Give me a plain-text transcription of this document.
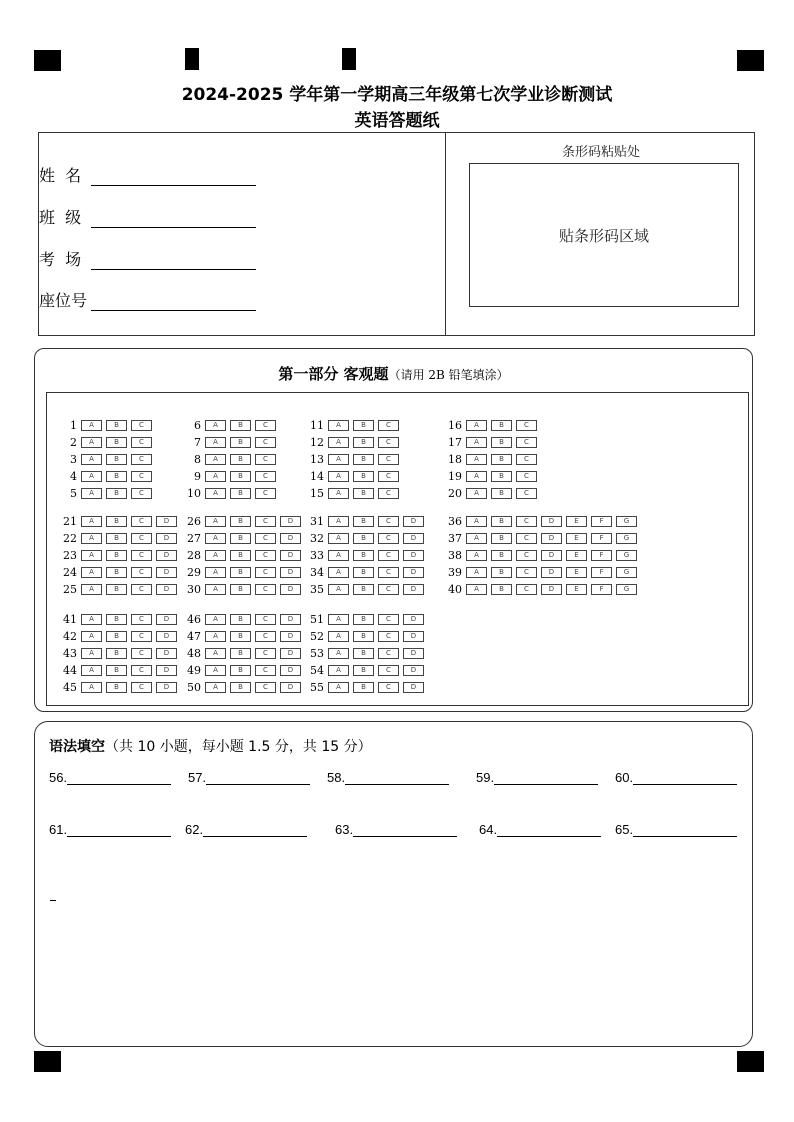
2024-2025 学年第一学期高三年级第七次学业诊断测试
英语答题纸
姓  名
班  级
考  场
座位号
条形码粘贴处
贴条形码区域
第一部分 客观题（请用 2B 铅笔填涂）
1	A	B	C
2	A	B	C
3	A	B	C
4	A	B	C
5	A	B	C
6	A	B	C
7	A	B	C
8	A	B	C
9	A	B	C
10	A	B	C
11	A	B	C
12	A	B	C
13	A	B	C
14	A	B	C
15	A	B	C
16	A	B	C
17	A	B	C
18	A	B	C
19	A	B	C
20	A	B	C
21	A	B	C	D
22	A	B	C	D
23	A	B	C	D
24	A	B	C	D
25	A	B	C	D
26	A	B	C	D
27	A	B	C	D
28	A	B	C	D
29	A	B	C	D
30	A	B	C	D
31	A	B	C	D
32	A	B	C	D
33	A	B	C	D
34	A	B	C	D
35	A	B	C	D
36	A	B	C	D	E	F	G
37	A	B	C	D	E	F	G
38	A	B	C	D	E	F	G
39	A	B	C	D	E	F	G
40	A	B	C	D	E	F	G
41	A	B	C	D
42	A	B	C	D
43	A	B	C	D
44	A	B	C	D
45	A	B	C	D
46	A	B	C	D
47	A	B	C	D
48	A	B	C	D
49	A	B	C	D
50	A	B	C	D
51	A	B	C	D
52	A	B	C	D
53	A	B	C	D
54	A	B	C	D
55	A	B	C	D
语法填空（共 10 小题，每小题 1.5 分，共 15 分）
56.	57.	58.	59.	60.
61.	62.	63.	64.	65.
